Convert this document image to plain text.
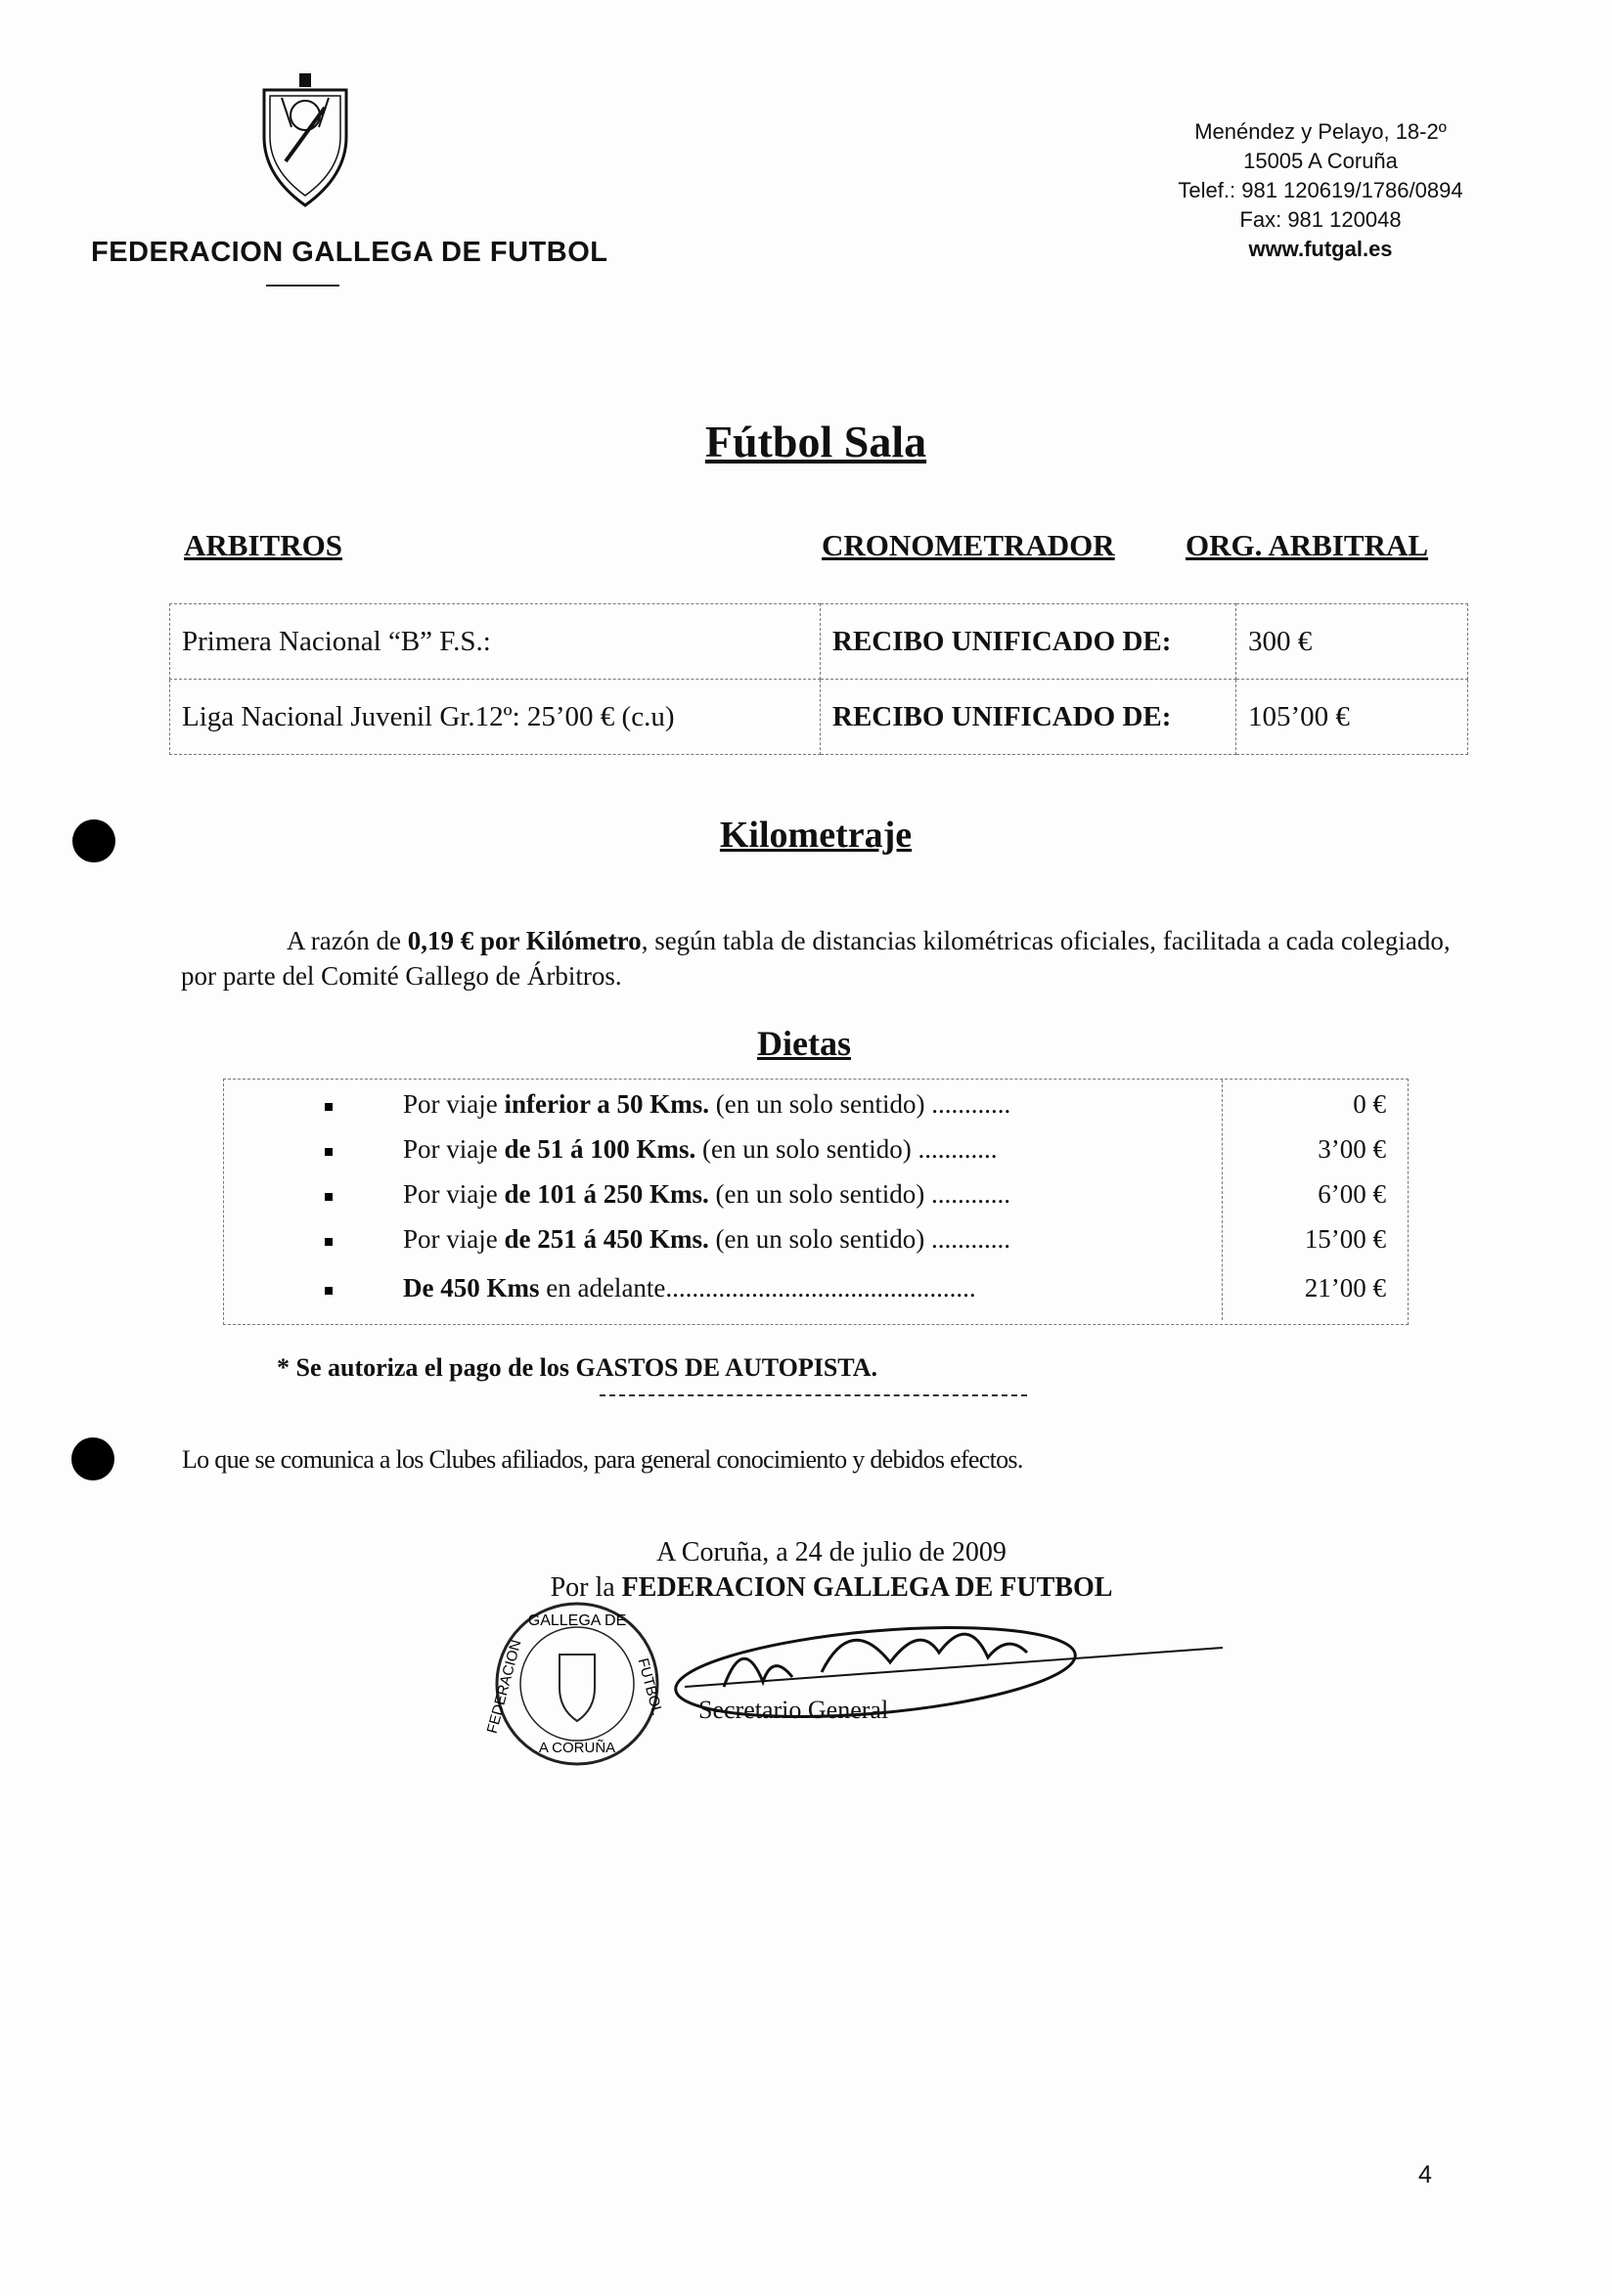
FEDERACION GALLEGA DE FUTBOL
Menéndez y Pelayo, 18-2º
15005 A Coruña
Telef.: 981 120619/1786/0894
Fax: 981 120048
www.futgal.es
Fútbol Sala
ARBITROS	CRONOMETRADOR ORG. ARBITRAL
Primera Nacional “B” F.S.:	RECIBO UNIFICADO DE:	300 €
Liga Nacional Juvenil Gr.12º: 25’00 € (c.u)	RECIBO UNIFICADO DE:	105’00 €
Kilometraje
A razón de 0,19 € por Kilómetro, según tabla de distancias kilométricas oficiales, facilitada a cada colegiado, por parte del Comité Gallego de Árbitros.
Dietas
Por viaje inferior a 50 Kms. (en un solo sentido) ............	0 €
Por viaje de 51 á 100 Kms. (en un solo sentido) ............	3’00 €
Por viaje de 101 á 250 Kms. (en un solo sentido) ............	6’00 €
Por viaje de 251 á 450 Kms. (en un solo sentido) ............	15’00 €
De 450 Kms en adelante...............................................	21’00 €
* Se autoriza el pago de los GASTOS DE AUTOPISTA.
Lo que se comunica a los Clubes afiliados, para general conocimiento y debidos efectos.
A Coruña, a 24 de julio de 2009
Por la FEDERACION GALLEGA DE FUTBOL
GALLEGA DE
FEDERACION	FUTBOL
A CORUÑA
Secretario General
4
